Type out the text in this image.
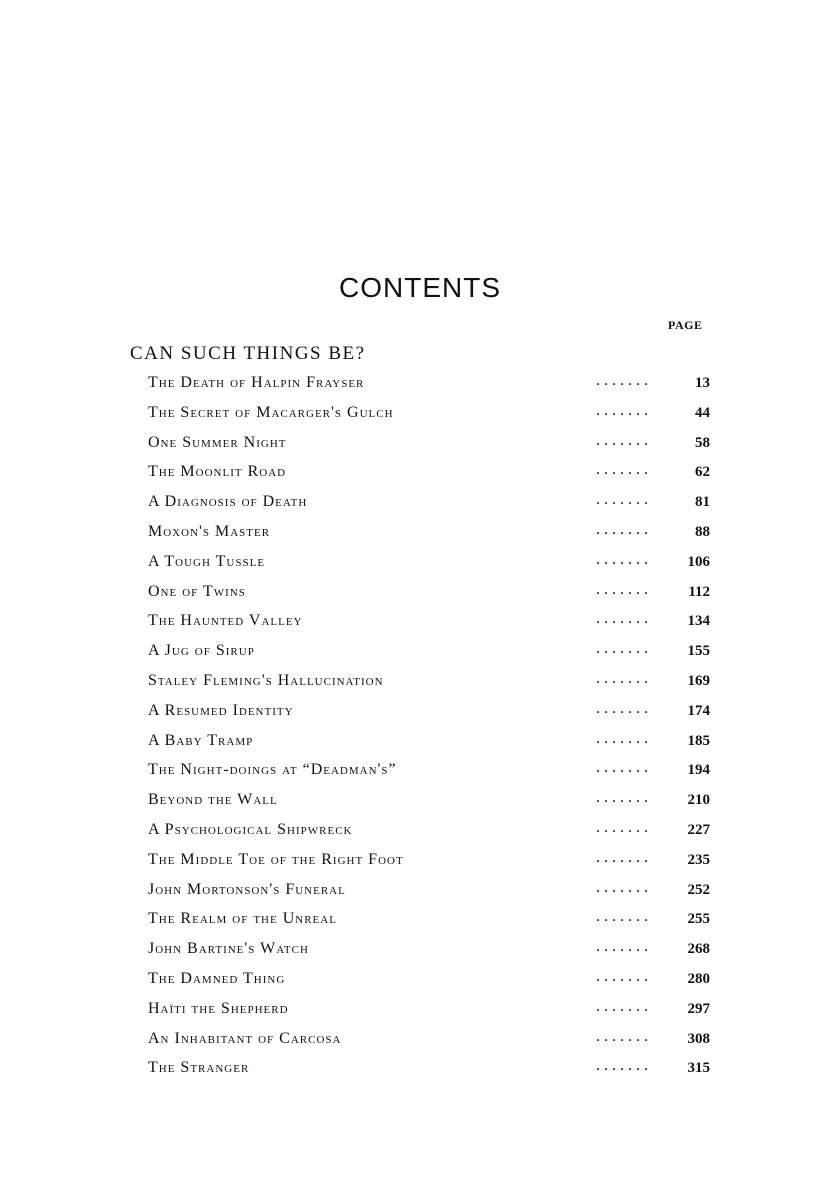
CONTENTS
PAGE
CAN SUCH THINGS BE?
. . . . . . .
The Death of Halpin Frayser	13
. . . . . . .
The Secret of Macarger's Gulch	44
. . . . . . .
One Summer Night	58
. . . . . . .
The Moonlit Road	62
. . . . . . .
A Diagnosis of Death	81
. . . . . . .
Moxon's Master	88
. . . . . . .
A Tough Tussle	106
. . . . . . .
One of Twins	112
. . . . . . .
The Haunted Valley	134
. . . . . . .
A Jug of Sirup	155
. . . . . . .
Staley Fleming's Hallucination	169
. . . . . . .
A Resumed Identity	174
. . . . . . .
A Baby Tramp	185
. . . . . . .
The Night-doings at “Deadman's”	194
. . . . . . .
Beyond the Wall	210
. . . . . . .
A Psychological Shipwreck	227
. . . . . . .
The Middle Toe of the Right Foot	235
. . . . . . .
John Mortonson's Funeral	252
. . . . . . .
The Realm of the Unreal	255
. . . . . . .
John Bartine's Watch	268
. . . . . . .
The Damned Thing	280
. . . . . . .
Haïti the Shepherd	297
. . . . . . .
An Inhabitant of Carcosa	308
. . . . . . .
The Stranger	315
